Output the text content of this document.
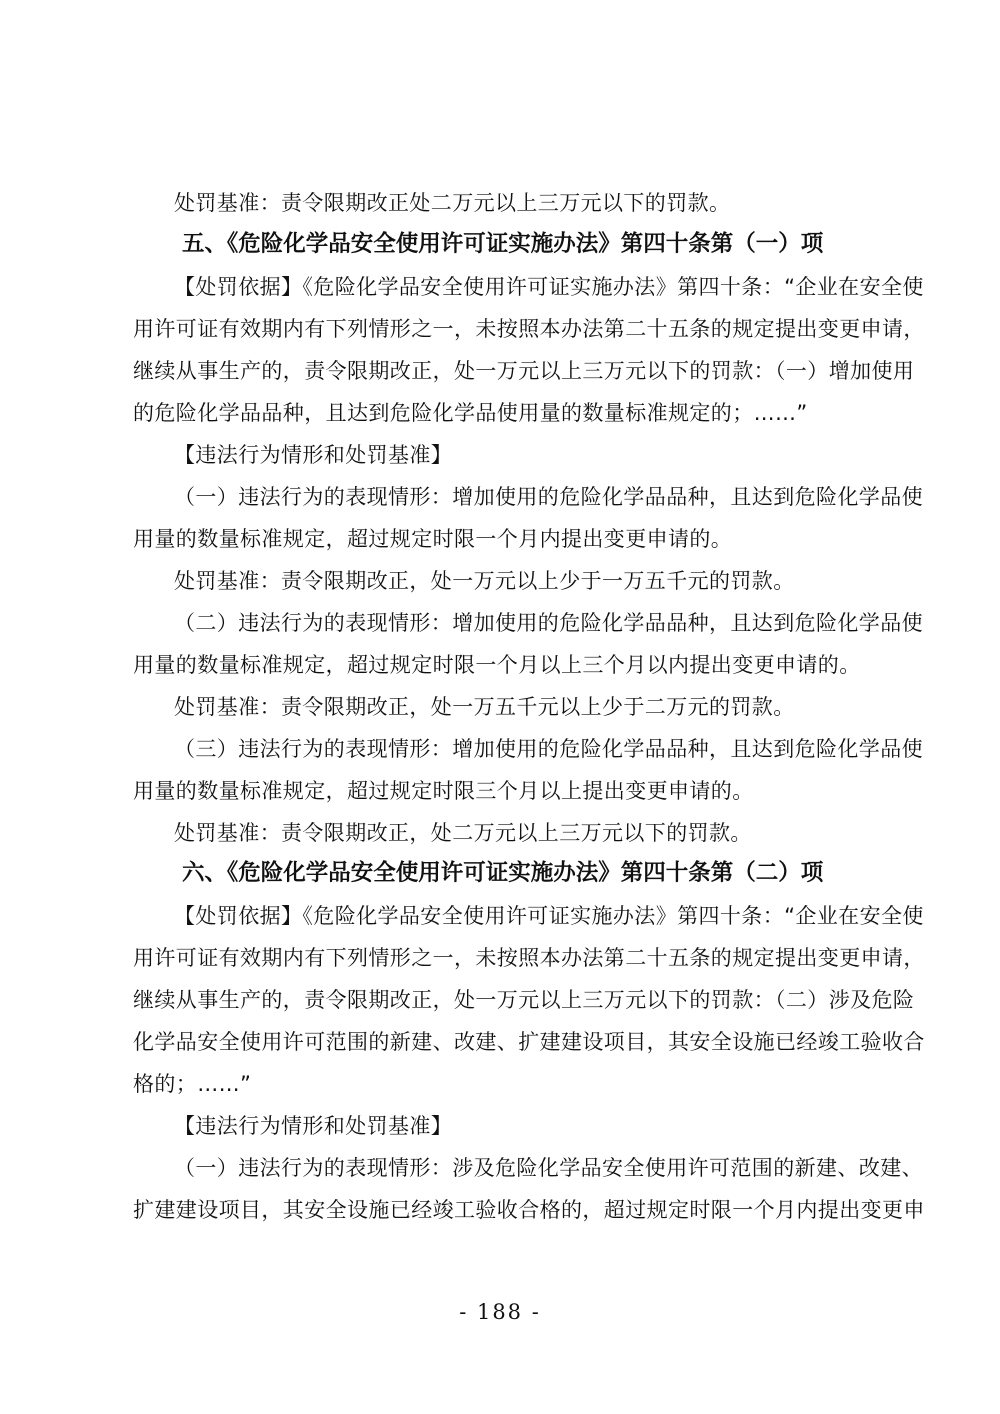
处罚基准：责令限期改正处二万元以上三万元以下的罚款。
五、《危险化学品安全使用许可证实施办法》第四十条第（一）项
【处罚依据】《危险化学品安全使用许可证实施办法》第四十条：“企业在安全使
用许可证有效期内有下列情形之一，未按照本办法第二十五条的规定提出变更申请，
继续从事生产的，责令限期改正，处一万元以上三万元以下的罚款：（一）增加使用
的危险化学品品种，且达到危险化学品使用量的数量标准规定的；……”
【违法行为情形和处罚基准】
（一）违法行为的表现情形：增加使用的危险化学品品种，且达到危险化学品使
用量的数量标准规定，超过规定时限一个月内提出变更申请的。
处罚基准：责令限期改正，处一万元以上少于一万五千元的罚款。
（二）违法行为的表现情形：增加使用的危险化学品品种，且达到危险化学品使
用量的数量标准规定，超过规定时限一个月以上三个月以内提出变更申请的。
处罚基准：责令限期改正，处一万五千元以上少于二万元的罚款。
（三）违法行为的表现情形：增加使用的危险化学品品种，且达到危险化学品使
用量的数量标准规定，超过规定时限三个月以上提出变更申请的。
处罚基准：责令限期改正，处二万元以上三万元以下的罚款。
六、《危险化学品安全使用许可证实施办法》第四十条第（二）项
【处罚依据】《危险化学品安全使用许可证实施办法》第四十条：“企业在安全使
用许可证有效期内有下列情形之一，未按照本办法第二十五条的规定提出变更申请，
继续从事生产的，责令限期改正，处一万元以上三万元以下的罚款：（二）涉及危险
化学品安全使用许可范围的新建、改建、扩建建设项目，其安全设施已经竣工验收合
格的；……”
【违法行为情形和处罚基准】
（一）违法行为的表现情形：涉及危险化学品安全使用许可范围的新建、改建、
扩建建设项目，其安全设施已经竣工验收合格的，超过规定时限一个月内提出变更申
- 188 -
